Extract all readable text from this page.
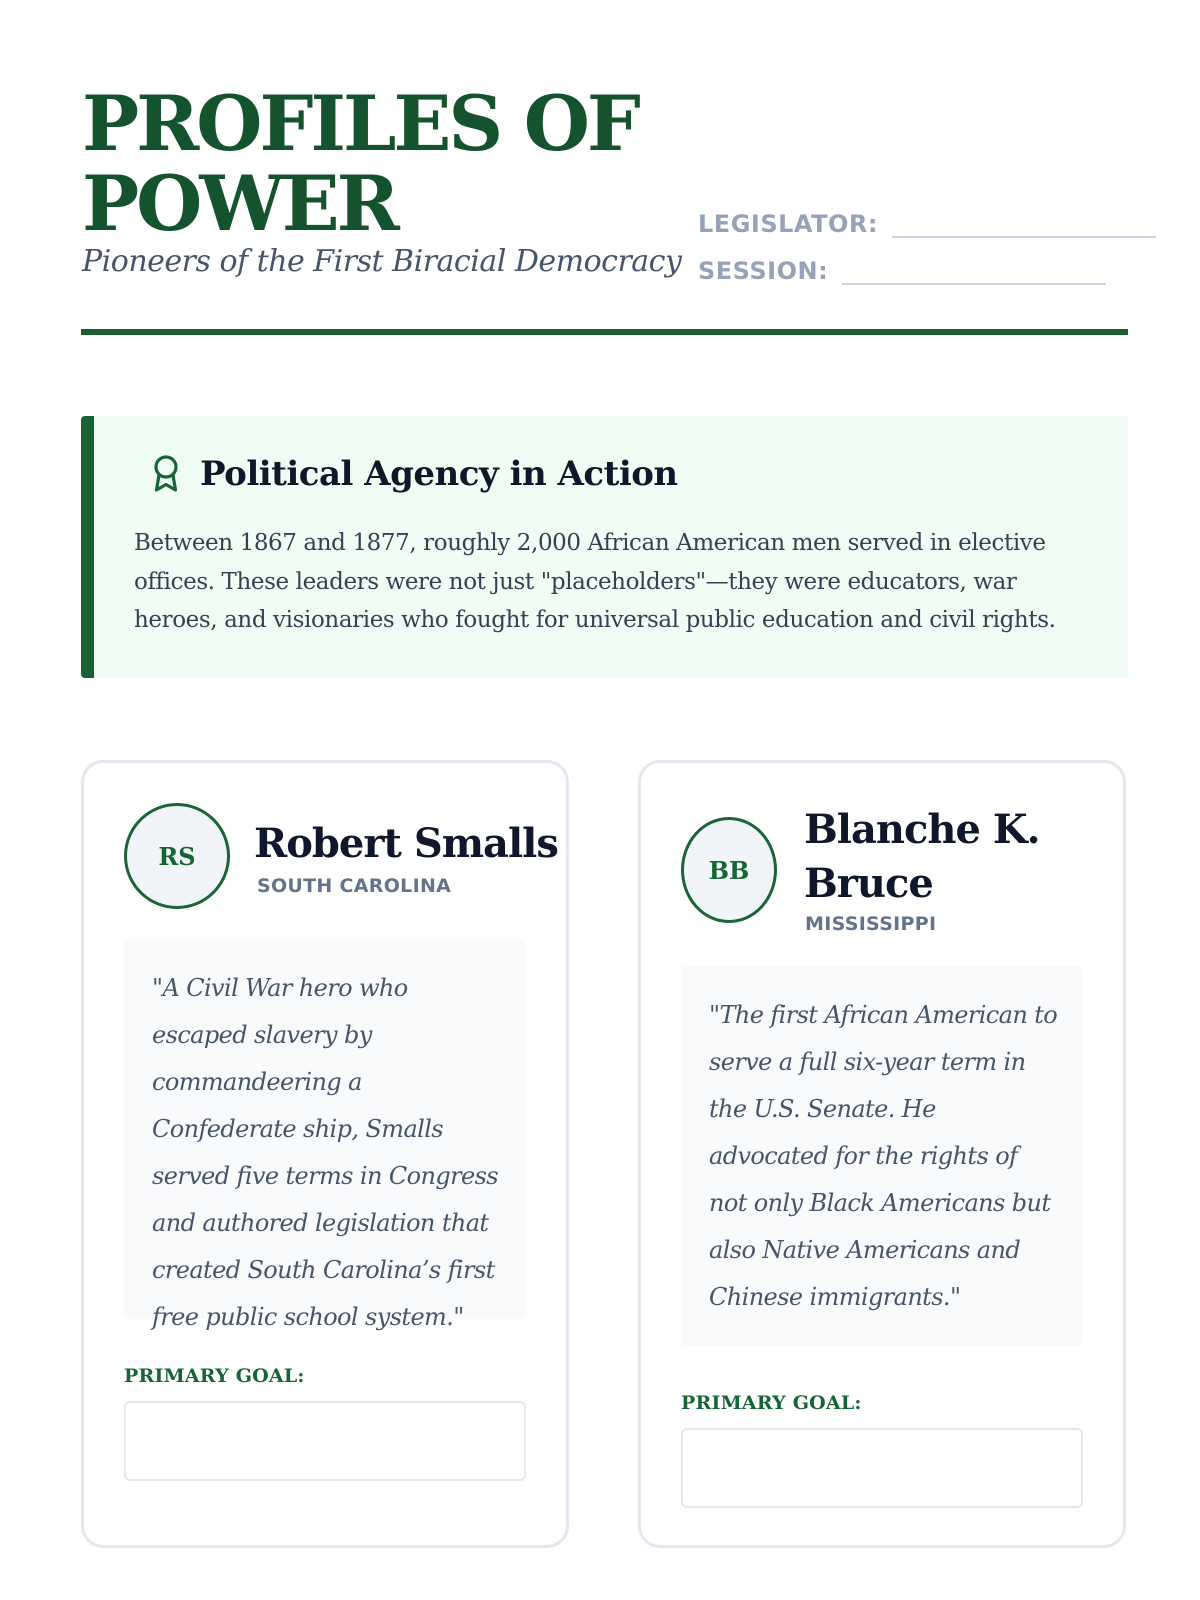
PROFILES OF
POWER
Pioneers of the First Biracial Democracy
LEGISLATOR:
SESSION:
Political Agency in Action

Between 1867 and 1877, roughly 2,000 African American men served in elective offices. These leaders were not just "placeholders"—they were educators, war heroes, and visionaries who fought for universal public education and civil rights.

RS	Robert Smalls
SOUTH CAROLINA

"A Civil War hero who escaped slavery by commandeering a Confederate ship, Smalls served five terms in Congress and authored legislation that created South Carolina’s first free public school system."

PRIMARY GOAL:
BB
Blanche K. Bruce
MISSISSIPPI

"The first African American to serve a full six-year term in the U.S. Senate. He advocated for the rights of not only Black Americans but also Native Americans and Chinese immigrants."

PRIMARY GOAL:
